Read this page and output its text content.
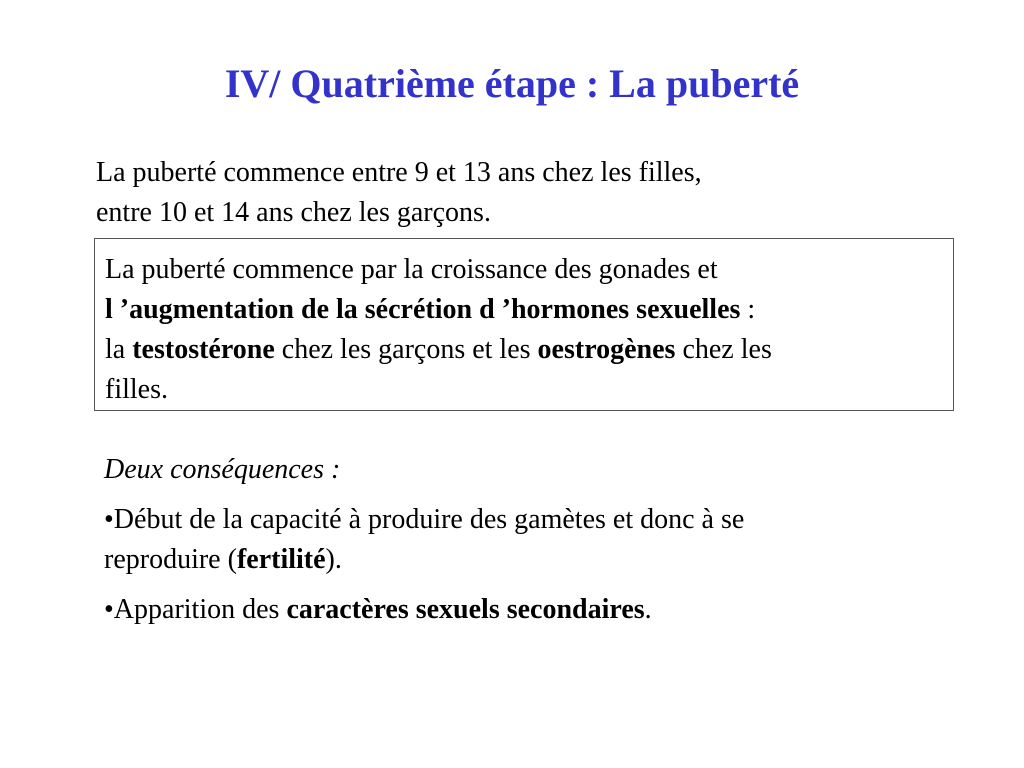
IV/ Quatrième étape : La puberté

La puberté commence entre 9 et 13 ans chez les filles,
entre 10 et 14 ans chez les garçons.

La puberté commence par la croissance des gonades et
l ’augmentation de la sécrétion d ’hormones sexuelles :
la testostérone chez les garçons et les oestrogènes chez les
filles.

Deux conséquences :

•Début de la capacité à produire des gamètes et donc à se
reproduire (fertilité).

•Apparition des caractères sexuels secondaires.
